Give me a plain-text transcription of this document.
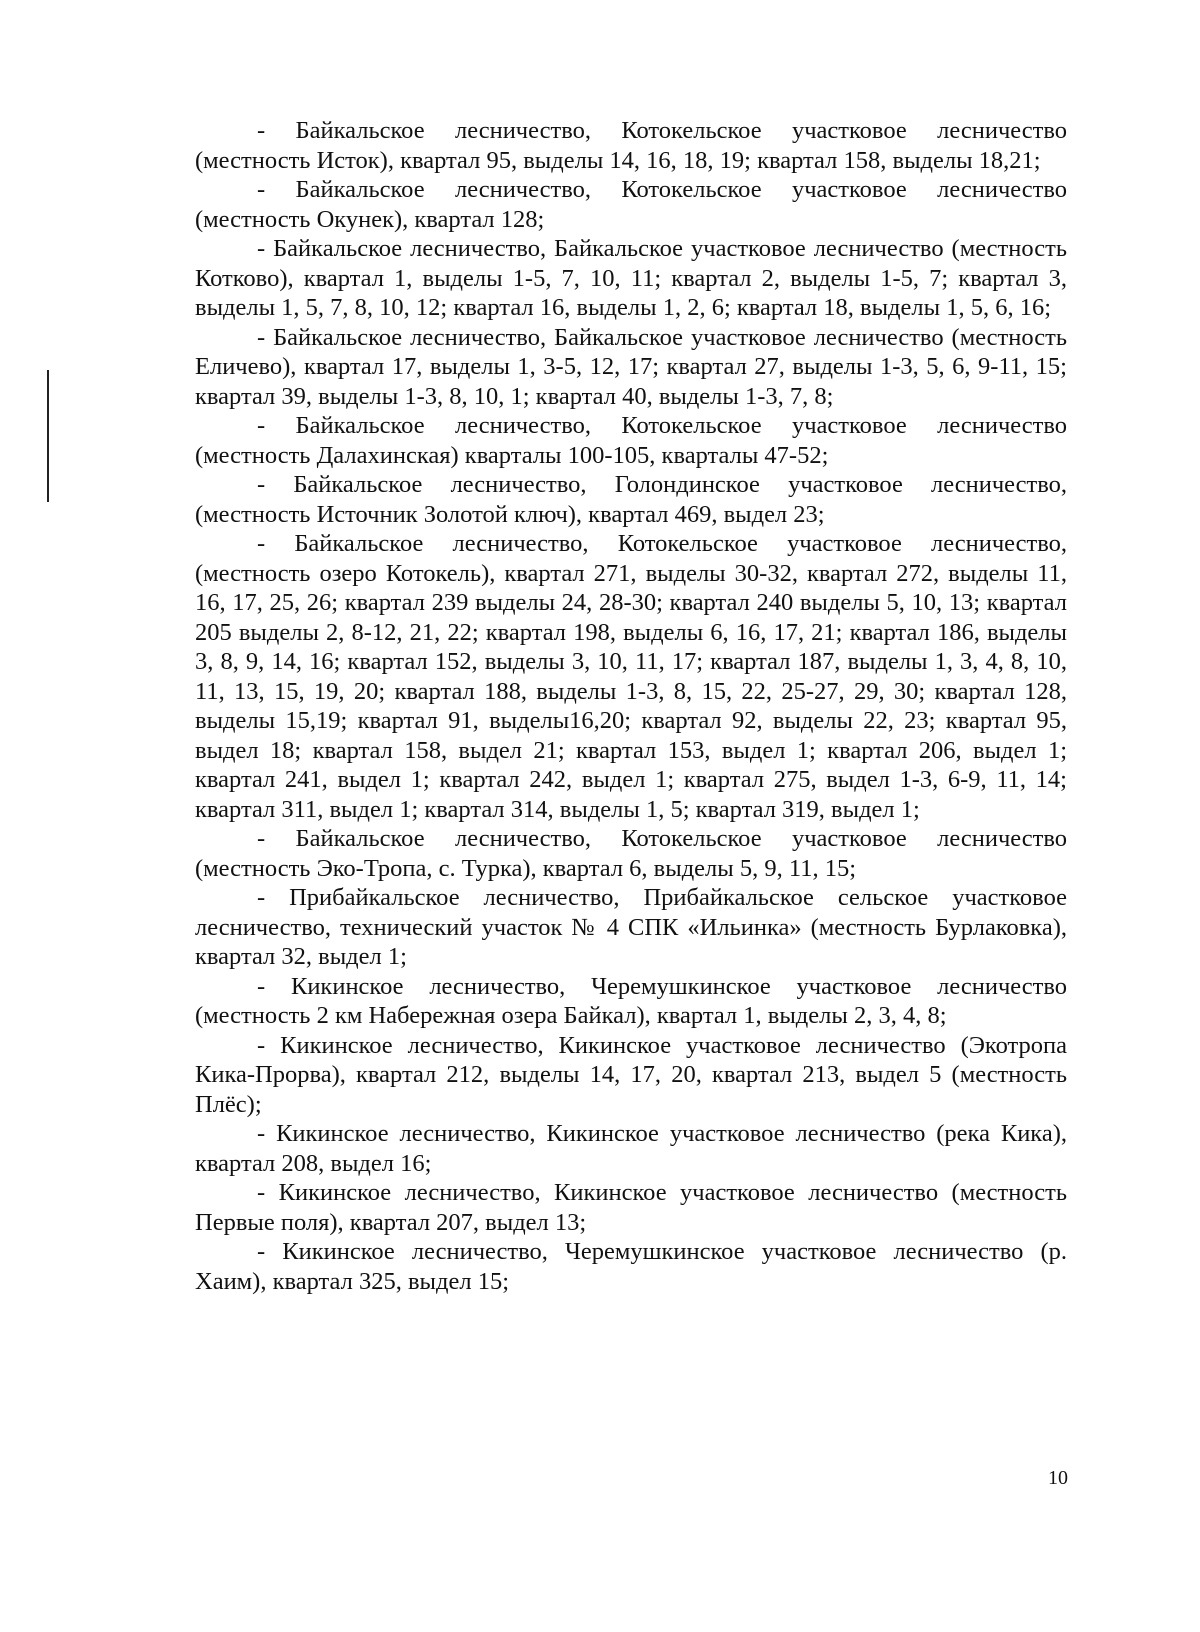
- Байкальское лесничество, Котокельское участковое лесничество (местность Исток), квартал 95, выделы 14, 16, 18, 19; квартал 158, выделы 18,21;

- Байкальское лесничество, Котокельское участковое лесничество (местность Окунек), квартал 128;

- Байкальское лесничество, Байкальское участковое лесничество (местность Котково), квартал 1, выделы 1-5, 7, 10, 11; квартал 2, выделы 1-5, 7; квартал 3, выделы 1, 5, 7, 8, 10, 12; квартал 16, выделы 1, 2, 6; квартал 18, выделы 1, 5, 6, 16;

- Байкальское лесничество, Байкальское участковое лесничество (местность Еличево), квартал 17, выделы 1, 3-5, 12, 17; квартал 27, выделы 1-3, 5, 6, 9-11, 15; квартал 39, выделы 1-3, 8, 10, 1; квартал 40, выделы 1-3, 7, 8;

- Байкальское лесничество, Котокельское участковое лесничество (местность Далахинская) кварталы 100-105, кварталы 47-52;

- Байкальское лесничество, Голондинское участковое лесничество, (местность Источник Золотой ключ), квартал 469, выдел 23;

- Байкальское лесничество, Котокельское участковое лесничество, (местность озеро Котокель), квартал 271, выделы 30-32, квартал 272, выделы 11, 16, 17, 25, 26; квартал 239 выделы 24, 28-30; квартал 240 выделы 5, 10, 13; квартал 205 выделы 2, 8-12, 21, 22; квартал 198, выделы 6, 16, 17, 21; квартал 186, выделы 3, 8, 9, 14, 16; квартал 152, выделы 3, 10, 11, 17; квартал 187, выделы 1, 3, 4, 8, 10, 11, 13, 15, 19, 20; квартал 188, выделы 1-3, 8, 15, 22, 25-27, 29, 30; квартал 128, выделы 15,19; квартал 91, выделы16,20; квартал 92, выделы 22, 23; квартал 95, выдел 18; квартал 158, выдел 21; квартал 153, выдел 1; квартал 206, выдел 1; квартал 241, выдел 1; квартал 242, выдел 1; квартал 275, выдел 1-3, 6-9, 11, 14; квартал 311, выдел 1; квартал 314, выделы 1, 5; квартал 319, выдел 1;

- Байкальское лесничество, Котокельское участковое лесничество (местность Эко-Тропа, с. Турка), квартал 6, выделы 5, 9, 11, 15;

- Прибайкальское лесничество, Прибайкальское сельское участковое лесничество, технический участок № 4 СПК «Ильинка» (местность Бурлаковка), квартал 32, выдел 1;

- Кикинское лесничество, Черемушкинское участковое лесничество (местность 2 км Набережная озера Байкал), квартал 1, выделы 2, 3, 4, 8;

- Кикинское лесничество, Кикинское участковое лесничество (Экотропа Кика-Прорва), квартал 212, выделы 14, 17, 20, квартал 213, выдел 5 (местность Плёс);

- Кикинское лесничество, Кикинское участковое лесничество (река Кика), квартал 208, выдел 16;

- Кикинское лесничество, Кикинское участковое лесничество (местность Первые поля), квартал 207, выдел 13;

- Кикинское лесничество, Черемушкинское участковое лесничество (р. Хаим), квартал 325, выдел 15;

10
